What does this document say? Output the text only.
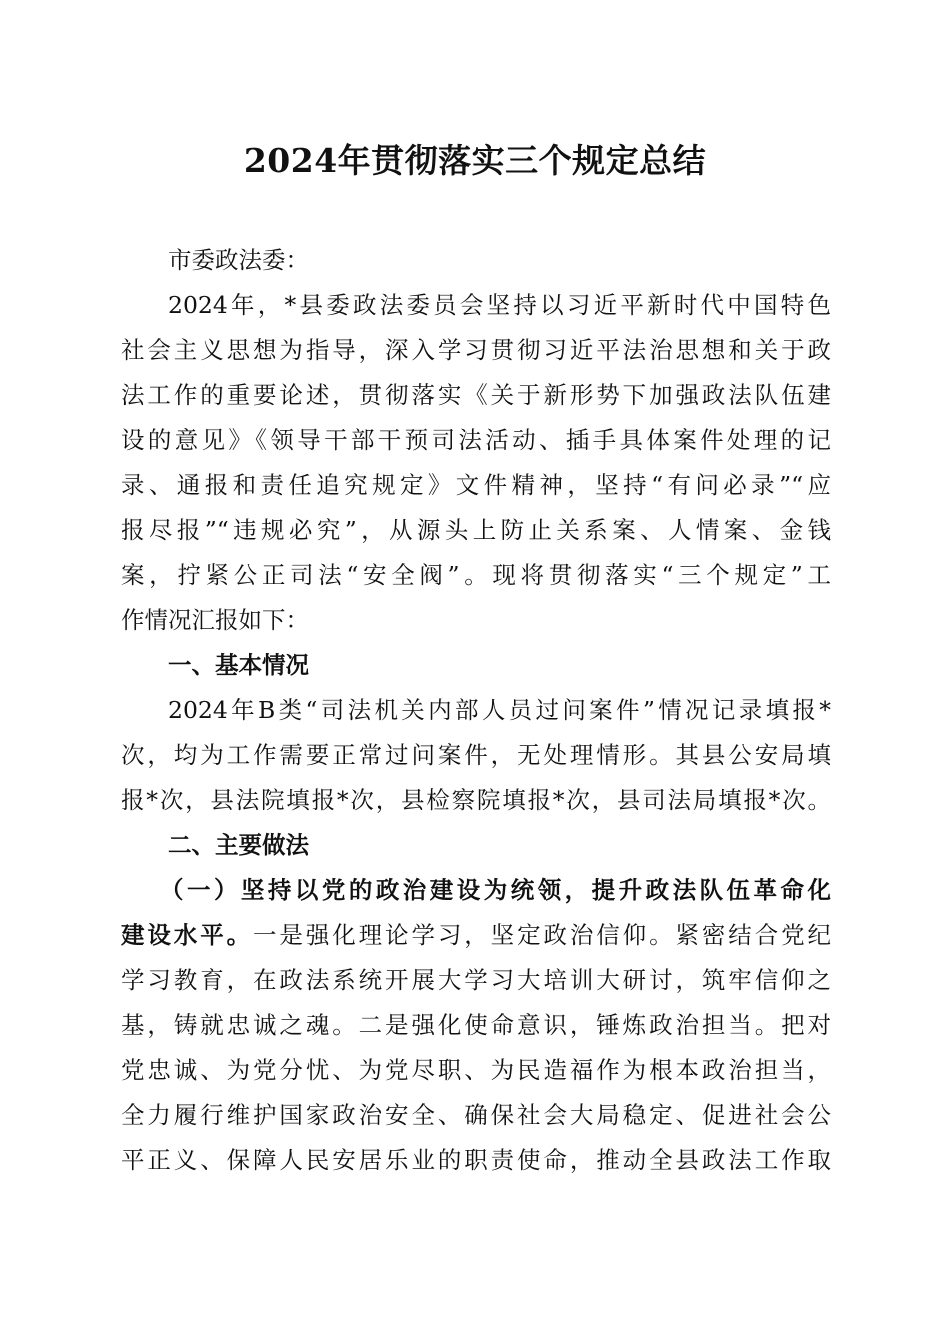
2024年贯彻落实三个规定总结
市委政法委：
2024年，*县委政法委员会坚持以习近平新时代中国特色
社会主义思想为指导，深入学习贯彻习近平法治思想和关于政
法工作的重要论述，贯彻落实《关于新形势下加强政法队伍建
设的意见》《领导干部干预司法活动、插手具体案件处理的记
录、通报和责任追究规定》文件精神，坚持“有问必录”“应
报尽报”“违规必究”，从源头上防止关系案、人情案、金钱
案，拧紧公正司法“安全阀”。现将贯彻落实“三个规定”工
作情况汇报如下：
一、基本情况
2024年B类“司法机关内部人员过问案件”情况记录填报*
次，均为工作需要正常过问案件，无处理情形。其县公安局填
报*次，县法院填报*次，县检察院填报*次，县司法局填报*次。
二、主要做法
（一）坚持以党的政治建设为统领，提升政法队伍革命化
建设水平。一是强化理论学习，坚定政治信仰。紧密结合党纪
学习教育，在政法系统开展大学习大培训大研讨，筑牢信仰之
基，铸就忠诚之魂。二是强化使命意识，锤炼政治担当。把对
党忠诚、为党分忧、为党尽职、为民造福作为根本政治担当，
全力履行维护国家政治安全、确保社会大局稳定、促进社会公
平正义、保障人民安居乐业的职责使命，推动全县政法工作取
